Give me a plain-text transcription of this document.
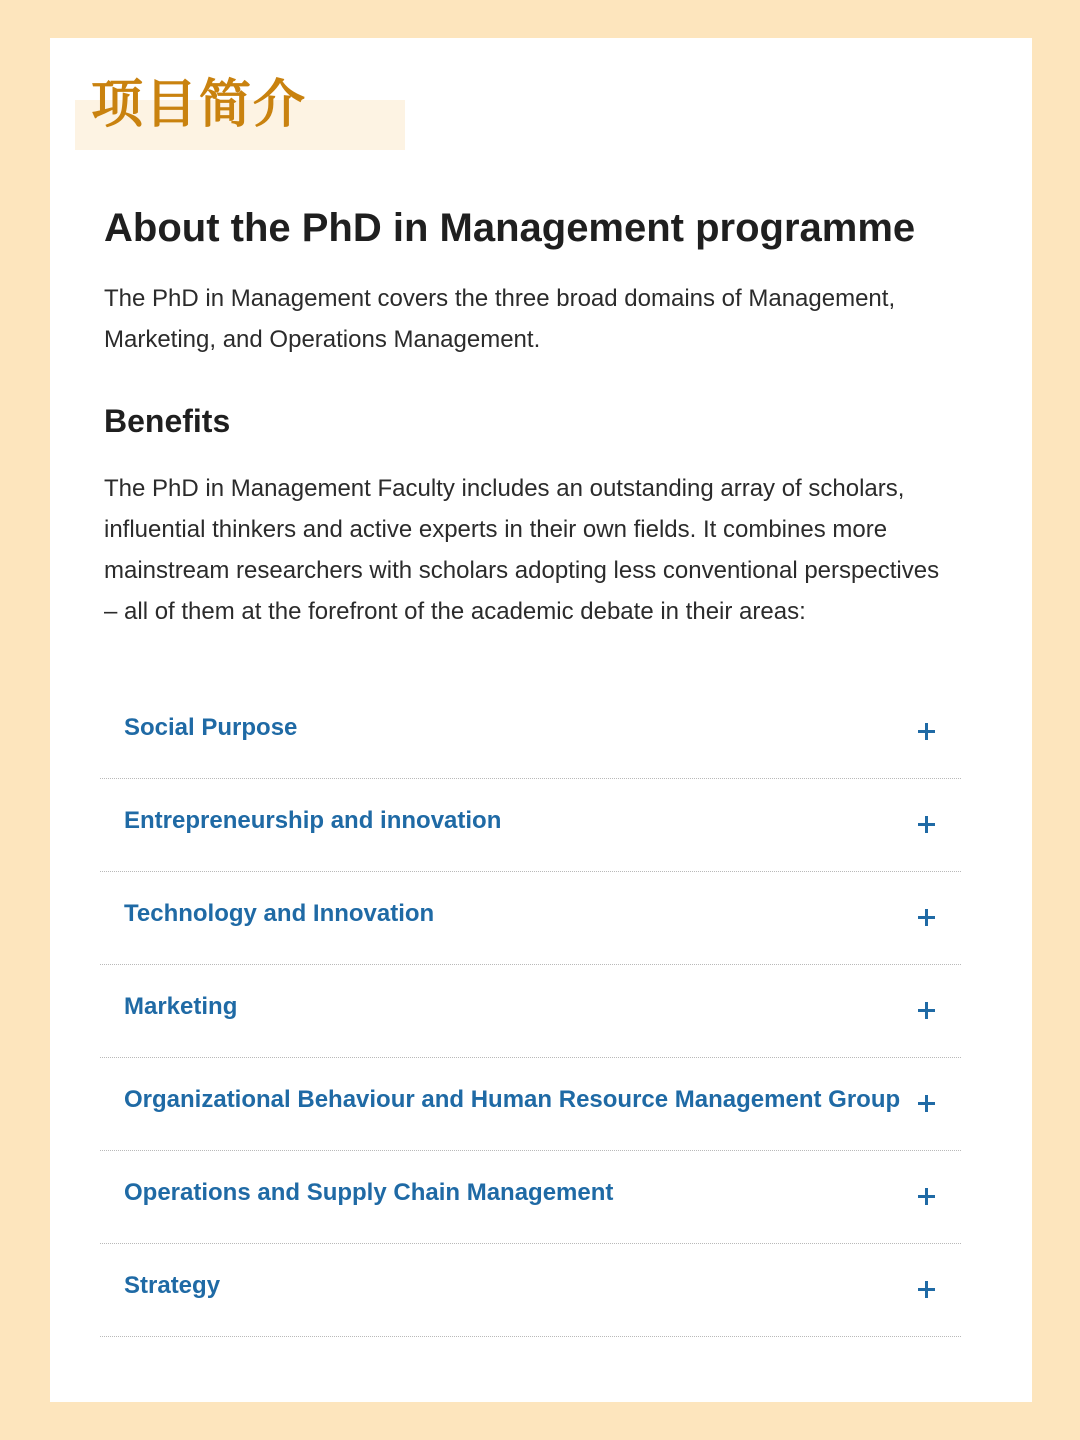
项目简介
About the PhD in Management programme

The PhD in Management covers the three broad domains of Management, Marketing, and Operations Management.

Benefits

The PhD in Management Faculty includes an outstanding array of scholars, influential thinkers and active experts in their own fields. It combines more mainstream researchers with scholars adopting less conventional perspectives – all of them at the forefront of the academic debate in their areas:

Social Purpose
Entrepreneurship and innovation
Technology and Innovation
Marketing
Organizational Behaviour and Human Resource Management Group
Operations and Supply Chain Management
Strategy
